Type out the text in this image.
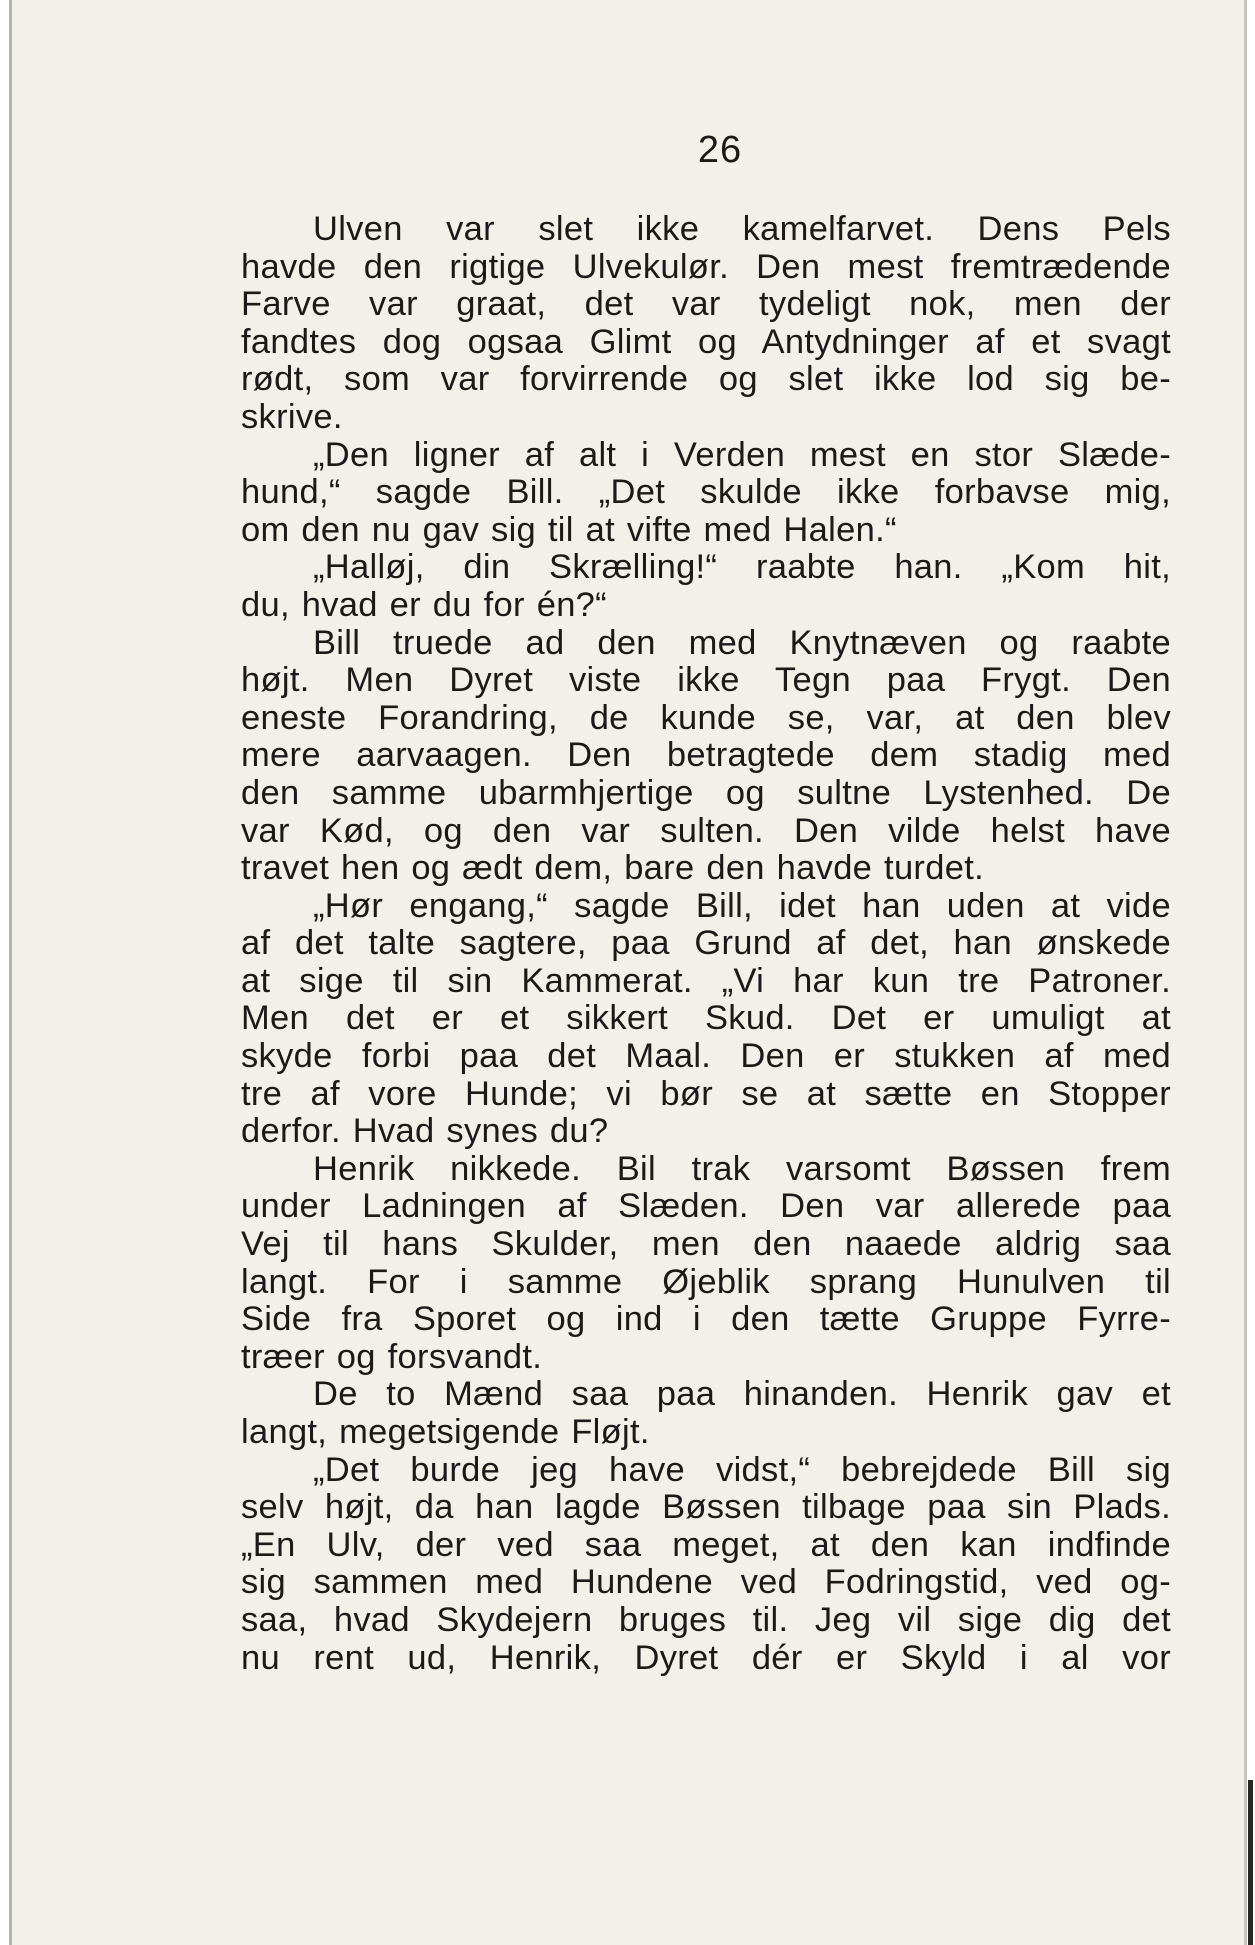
26
Ulven var slet ikke kamelfarvet. Dens Pels
havde den rigtige Ulvekulør. Den mest fremtrædende
Farve var graat, det var tydeligt nok, men der
fandtes dog ogsaa Glimt og Antydninger af et svagt
rødt, som var forvirrende og slet ikke lod sig be-
skrive.
„Den ligner af alt i Verden mest en stor Slæde-
hund,“ sagde Bill. „Det skulde ikke forbavse mig,
om den nu gav sig til at vifte med Halen.“
„Halløj, din Skrælling!“ raabte han. „Kom hit,
du, hvad er du for én?“
Bill truede ad den med Knytnæven og raabte
højt. Men Dyret viste ikke Tegn paa Frygt. Den
eneste Forandring, de kunde se, var, at den blev
mere aarvaagen. Den betragtede dem stadig med
den samme ubarmhjertige og sultne Lystenhed. De
var Kød, og den var sulten. Den vilde helst have
travet hen og ædt dem, bare den havde turdet.
„Hør engang,“ sagde Bill, idet han uden at vide
af det talte sagtere, paa Grund af det, han ønskede
at sige til sin Kammerat. „Vi har kun tre Patroner.
Men det er et sikkert Skud. Det er umuligt at
skyde forbi paa det Maal. Den er stukken af med
tre af vore Hunde; vi bør se at sætte en Stopper
derfor. Hvad synes du?
Henrik nikkede. Bil trak varsomt Bøssen frem
under Ladningen af Slæden. Den var allerede paa
Vej til hans Skulder, men den naaede aldrig saa
langt. For i samme Øjeblik sprang Hunulven til
Side fra Sporet og ind i den tætte Gruppe Fyrre-
træer og forsvandt.
De to Mænd saa paa hinanden. Henrik gav et
langt, megetsigende Fløjt.
„Det burde jeg have vidst,“ bebrejdede Bill sig
selv højt, da han lagde Bøssen tilbage paa sin Plads.
„En Ulv, der ved saa meget, at den kan indfinde
sig sammen med Hundene ved Fodringstid, ved og-
saa, hvad Skydejern bruges til. Jeg vil sige dig det
nu rent ud, Henrik, Dyret dér er Skyld i al vor
